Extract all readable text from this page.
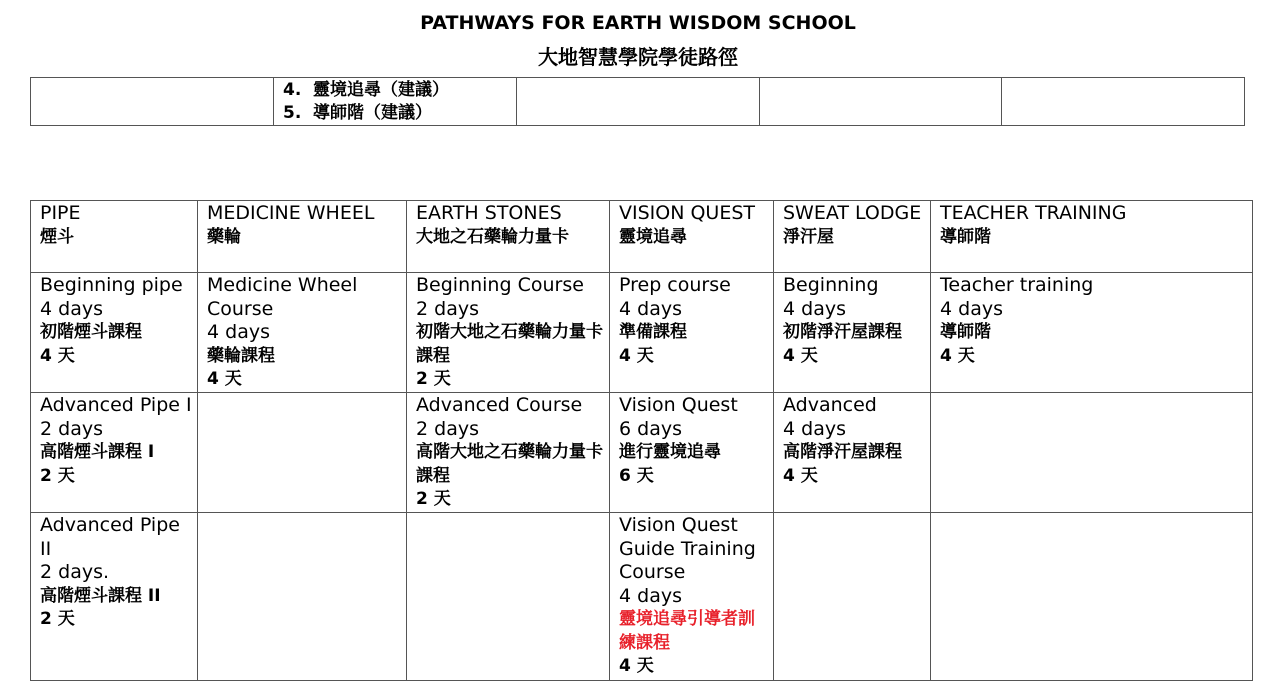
PATHWAYS FOR EARTH WISDOM SCHOOL
大地智慧學院學徒路徑

4. 靈境追尋（建議）
5. 導師階（建議）

PIPE
煙斗	MEDICINE WHEEL
藥輪	EARTH STONES
大地之石藥輪力量卡	VISION QUEST
靈境追尋	SWEAT LODGE
淨汗屋	TEACHER TRAINING
導師階

Beginning pipe
4 days
初階煙斗課程
4 天	Medicine Wheel Course
4 days
藥輪課程
4 天	Beginning Course
2 days
初階大地之石藥輪力量卡課程
2 天	Prep course
4 days
準備課程
4 天	Beginning
4 days
初階淨汗屋課程
4 天	Teacher training
4 days
導師階
4 天

Advanced Pipe I
2 days
高階煙斗課程 I
2 天		Advanced Course
2 days
高階大地之石藥輪力量卡課程
2 天	Vision Quest
6 days
進行靈境追尋
6 天	Advanced
4 days
高階淨汗屋課程
4 天	

Advanced Pipe II
2 days.
高階煙斗課程 II
2 天			Vision Quest Guide Training Course
4 days
靈境追尋引導者訓練課程
4 天		
